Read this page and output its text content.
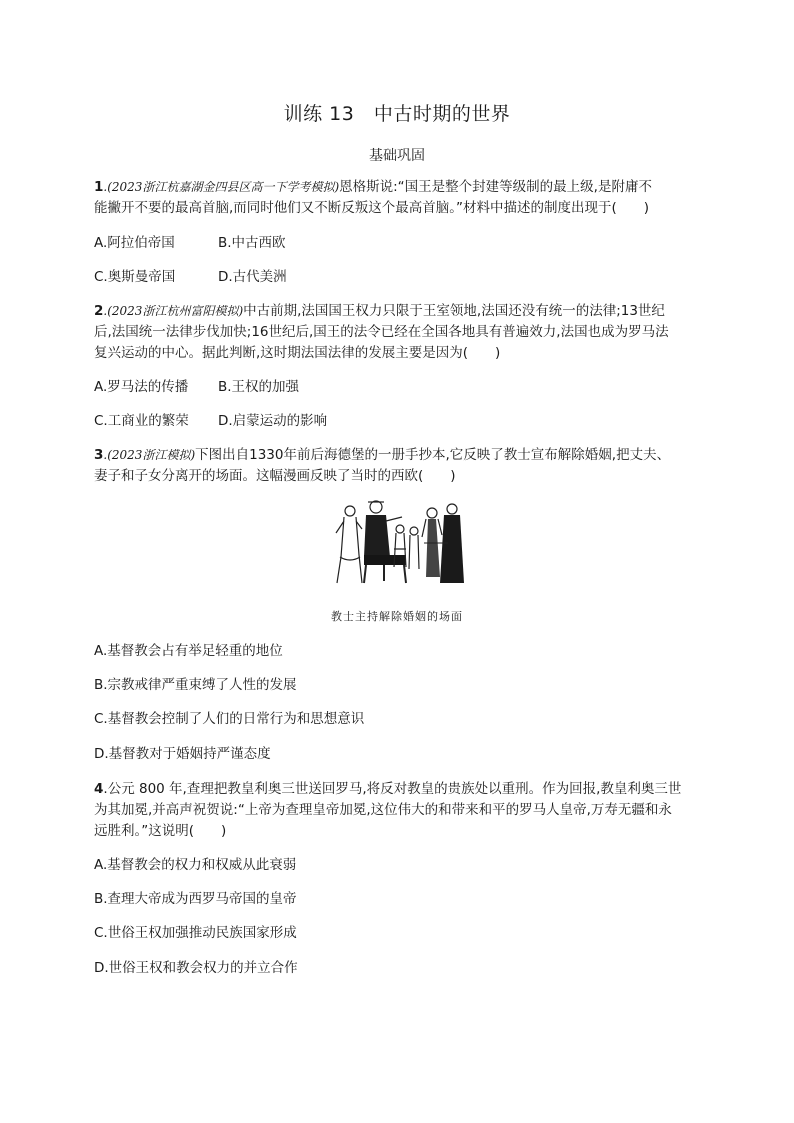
训练 13　中古时期的世界
基础巩固
1.(2023浙江杭嘉湖金四县区高一下学考模拟)恩格斯说:“国王是整个封建等级制的最上级,是附庸不
能撇开不要的最高首脑,而同时他们又不断反叛这个最高首脑。”材料中描述的制度出现于(　　)
A.阿拉伯帝国	B.中古西欧
C.奥斯曼帝国	D.古代美洲
2.(2023浙江杭州富阳模拟)中古前期,法国国王权力只限于王室领地,法国还没有统一的法律;13世纪
后,法国统一法律步伐加快;16世纪后,国王的法令已经在全国各地具有普遍效力,法国也成为罗马法
复兴运动的中心。据此判断,这时期法国法律的发展主要是因为(　　)
A.罗马法的传播 B.王权的加强
C.工商业的繁荣 D.启蒙运动的影响
3.(2023浙江模拟)下图出自1330年前后海德堡的一册手抄本,它反映了教士宣布解除婚姻,把丈夫、
妻子和子女分离开的场面。这幅漫画反映了当时的西欧(　　)
教士主持解除婚姻的场面
A.基督教会占有举足轻重的地位
B.宗教戒律严重束缚了人性的发展
C.基督教会控制了人们的日常行为和思想意识
D.基督教对于婚姻持严谨态度
4.公元 800 年,查理把教皇利奥三世送回罗马,将反对教皇的贵族处以重刑。作为回报,教皇利奥三世
为其加冕,并高声祝贺说:“上帝为查理皇帝加冕,这位伟大的和带来和平的罗马人皇帝,万寿无疆和永
远胜利。”这说明(　　)
A.基督教会的权力和权威从此衰弱
B.查理大帝成为西罗马帝国的皇帝
C.世俗王权加强推动民族国家形成
D.世俗王权和教会权力的并立合作
